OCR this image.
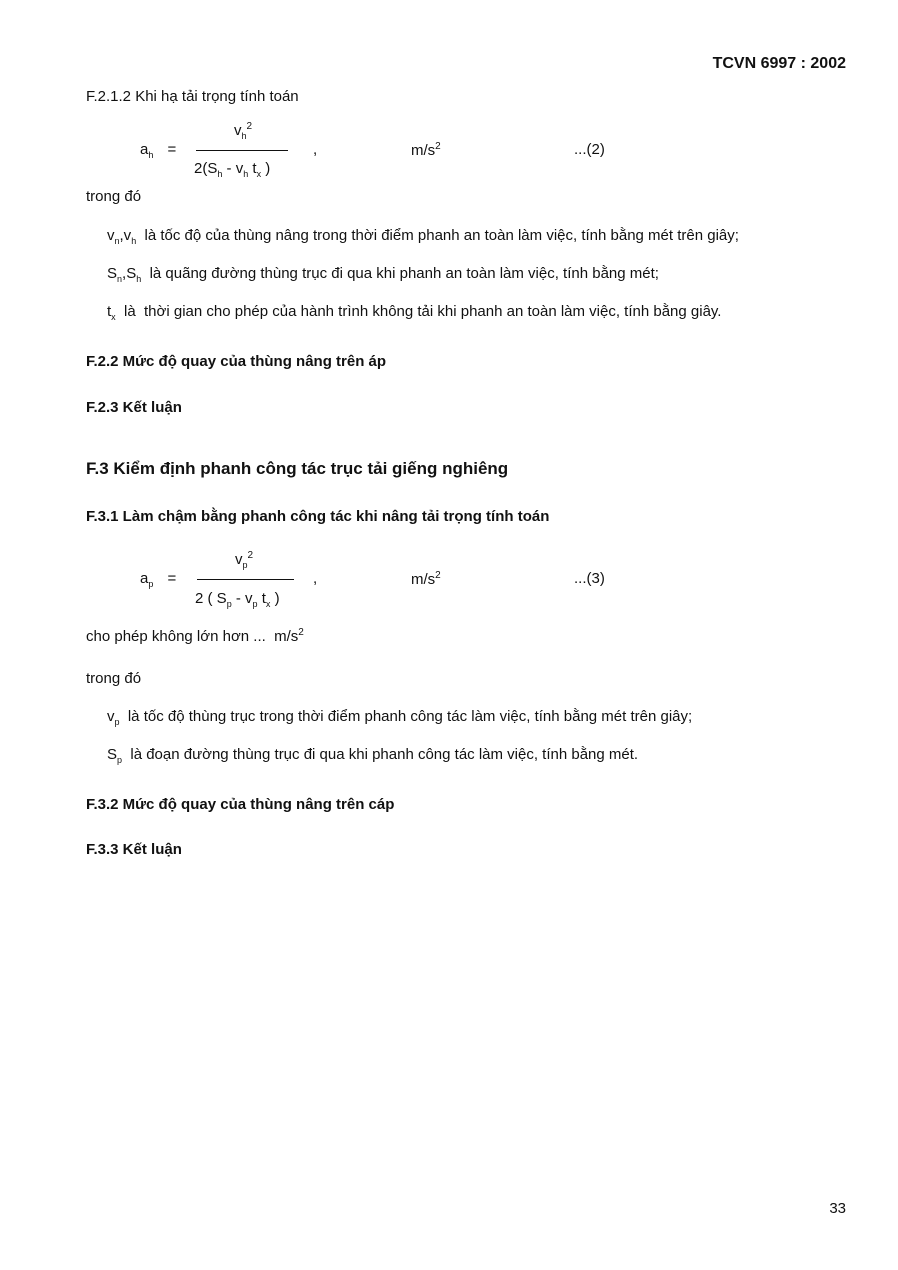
TCVN 6997 : 2002
F.2.1.2 Khi hạ tải trọng tính toán
$a_h$ =
$v_h^2$
$2(S_h - v_h$ $t_x$ )
,	$m/s^2$	...(2)
trong đó
$v_n,v_h$  là tốc độ của thùng nâng trong thời điểm phanh an toàn làm việc, tính bằng mét trên giây;
$S_n,S_h$  là quãng đường thùng trục đi qua khi phanh an toàn làm việc, tính bằng mét;
$t_x$  là  thời gian cho phép của hành trình không tải khi phanh an toàn làm việc, tính bằng giây.
F.2.2 Mức độ quay của thùng nâng trên áp
F.2.3 Kết luận
F.3 Kiểm định phanh công tác trục tải giếng nghiêng
F.3.1 Làm chậm bằng phanh công tác khi nâng tải trọng tính toán
$a_p$ =
$v_p^2$
2 ( $S_p - v_p$ $t_x$ )
,	$m/s^2$	...(3)
cho phép không lớn hơn ...  $m/s^2$
trong đó
$v_p$  là tốc độ thùng trục trong thời điểm phanh công tác làm việc, tính bằng mét trên giây;
$S_p$  là đoạn đường thùng trục đi qua khi phanh công tác làm việc, tính bằng mét.
F.3.2 Mức độ quay của thùng nâng trên cáp
F.3.3 Kết luận
33
